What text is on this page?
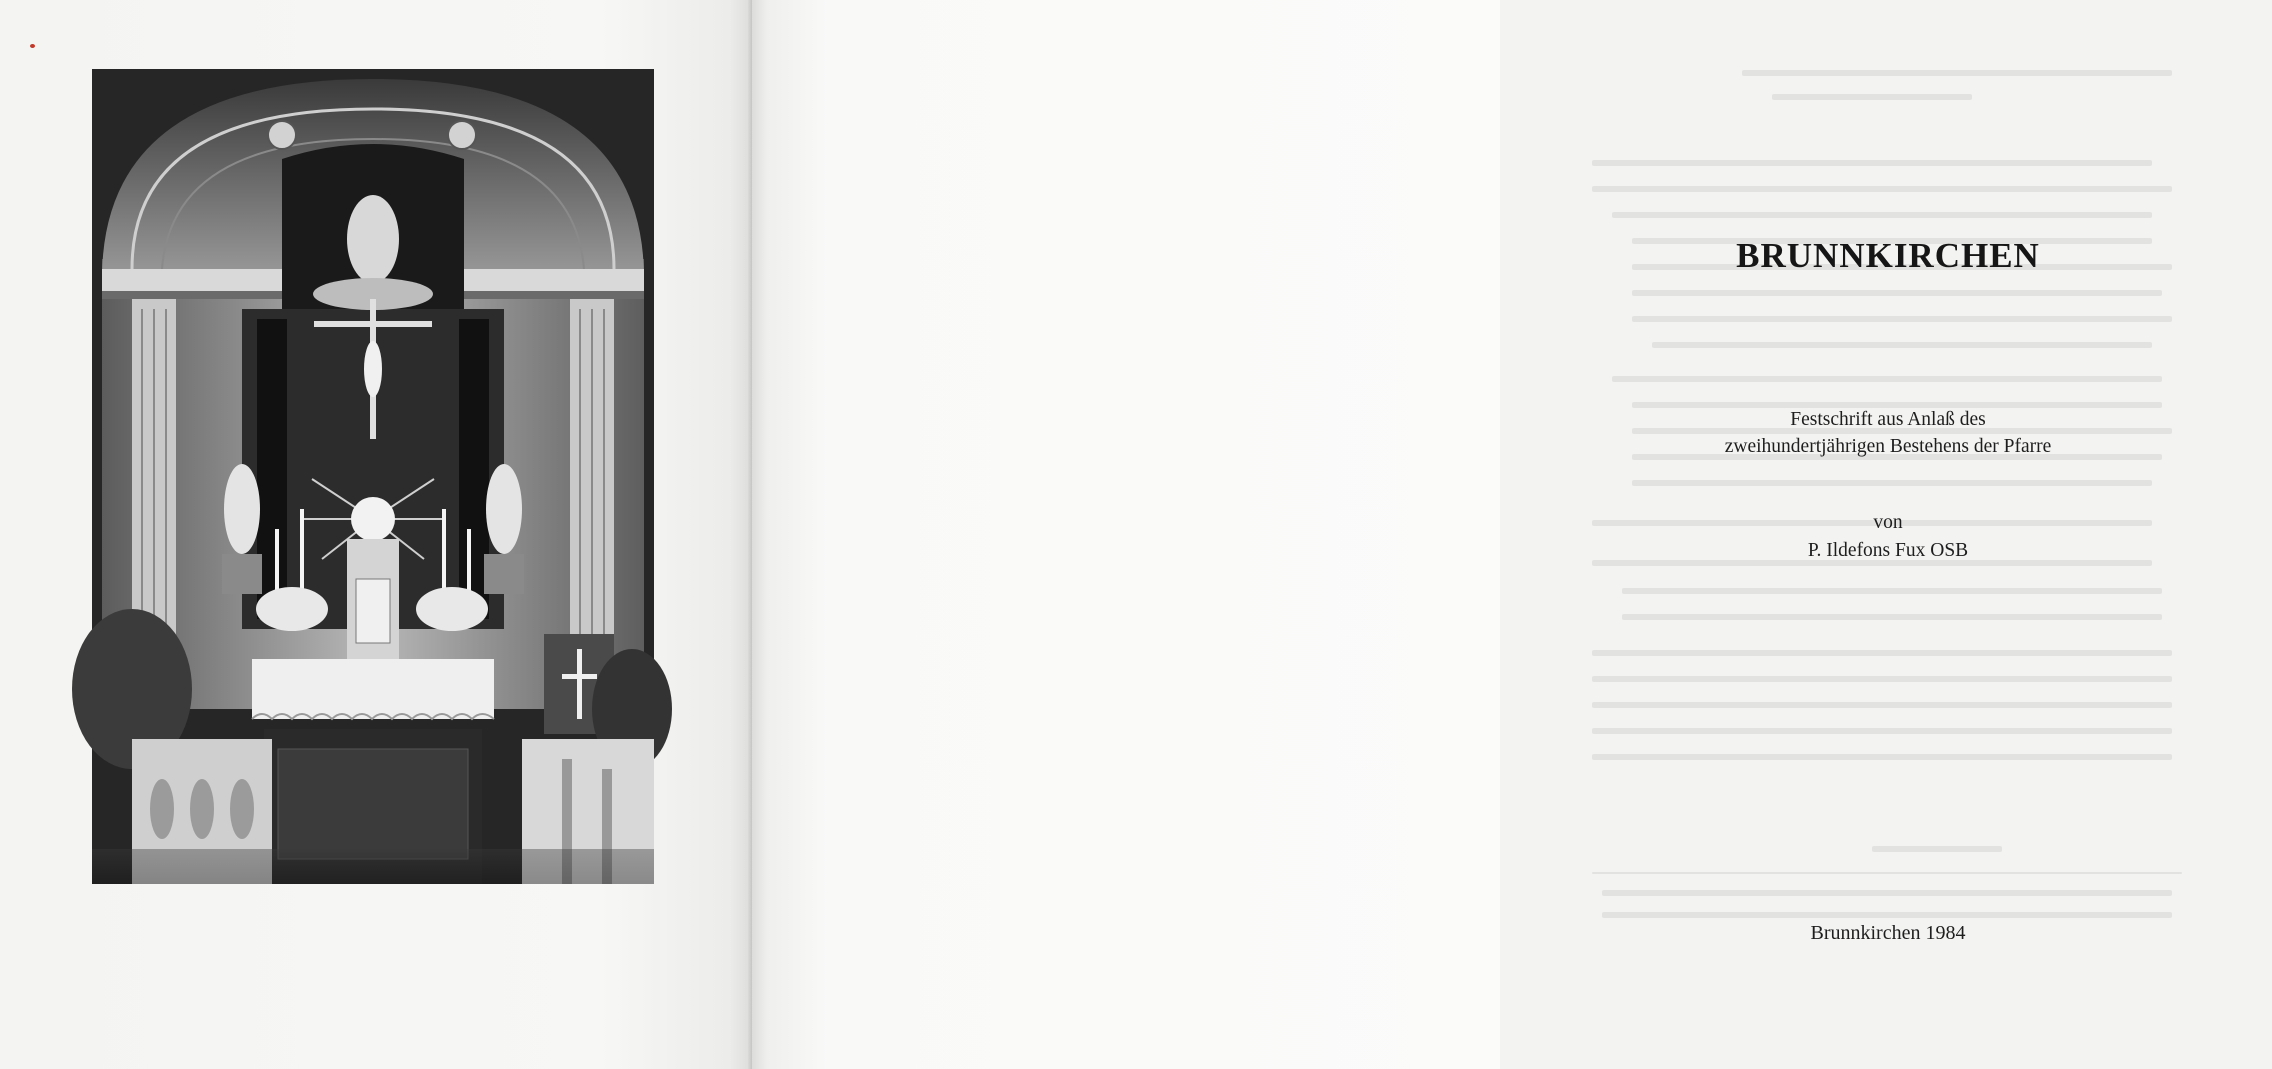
BRUNNKIRCHEN
Festschrift aus Anlaß des
zweihundertjährigen Bestehens der Pfarre
von
P. Ildefons Fux OSB
Brunnkirchen 1984
